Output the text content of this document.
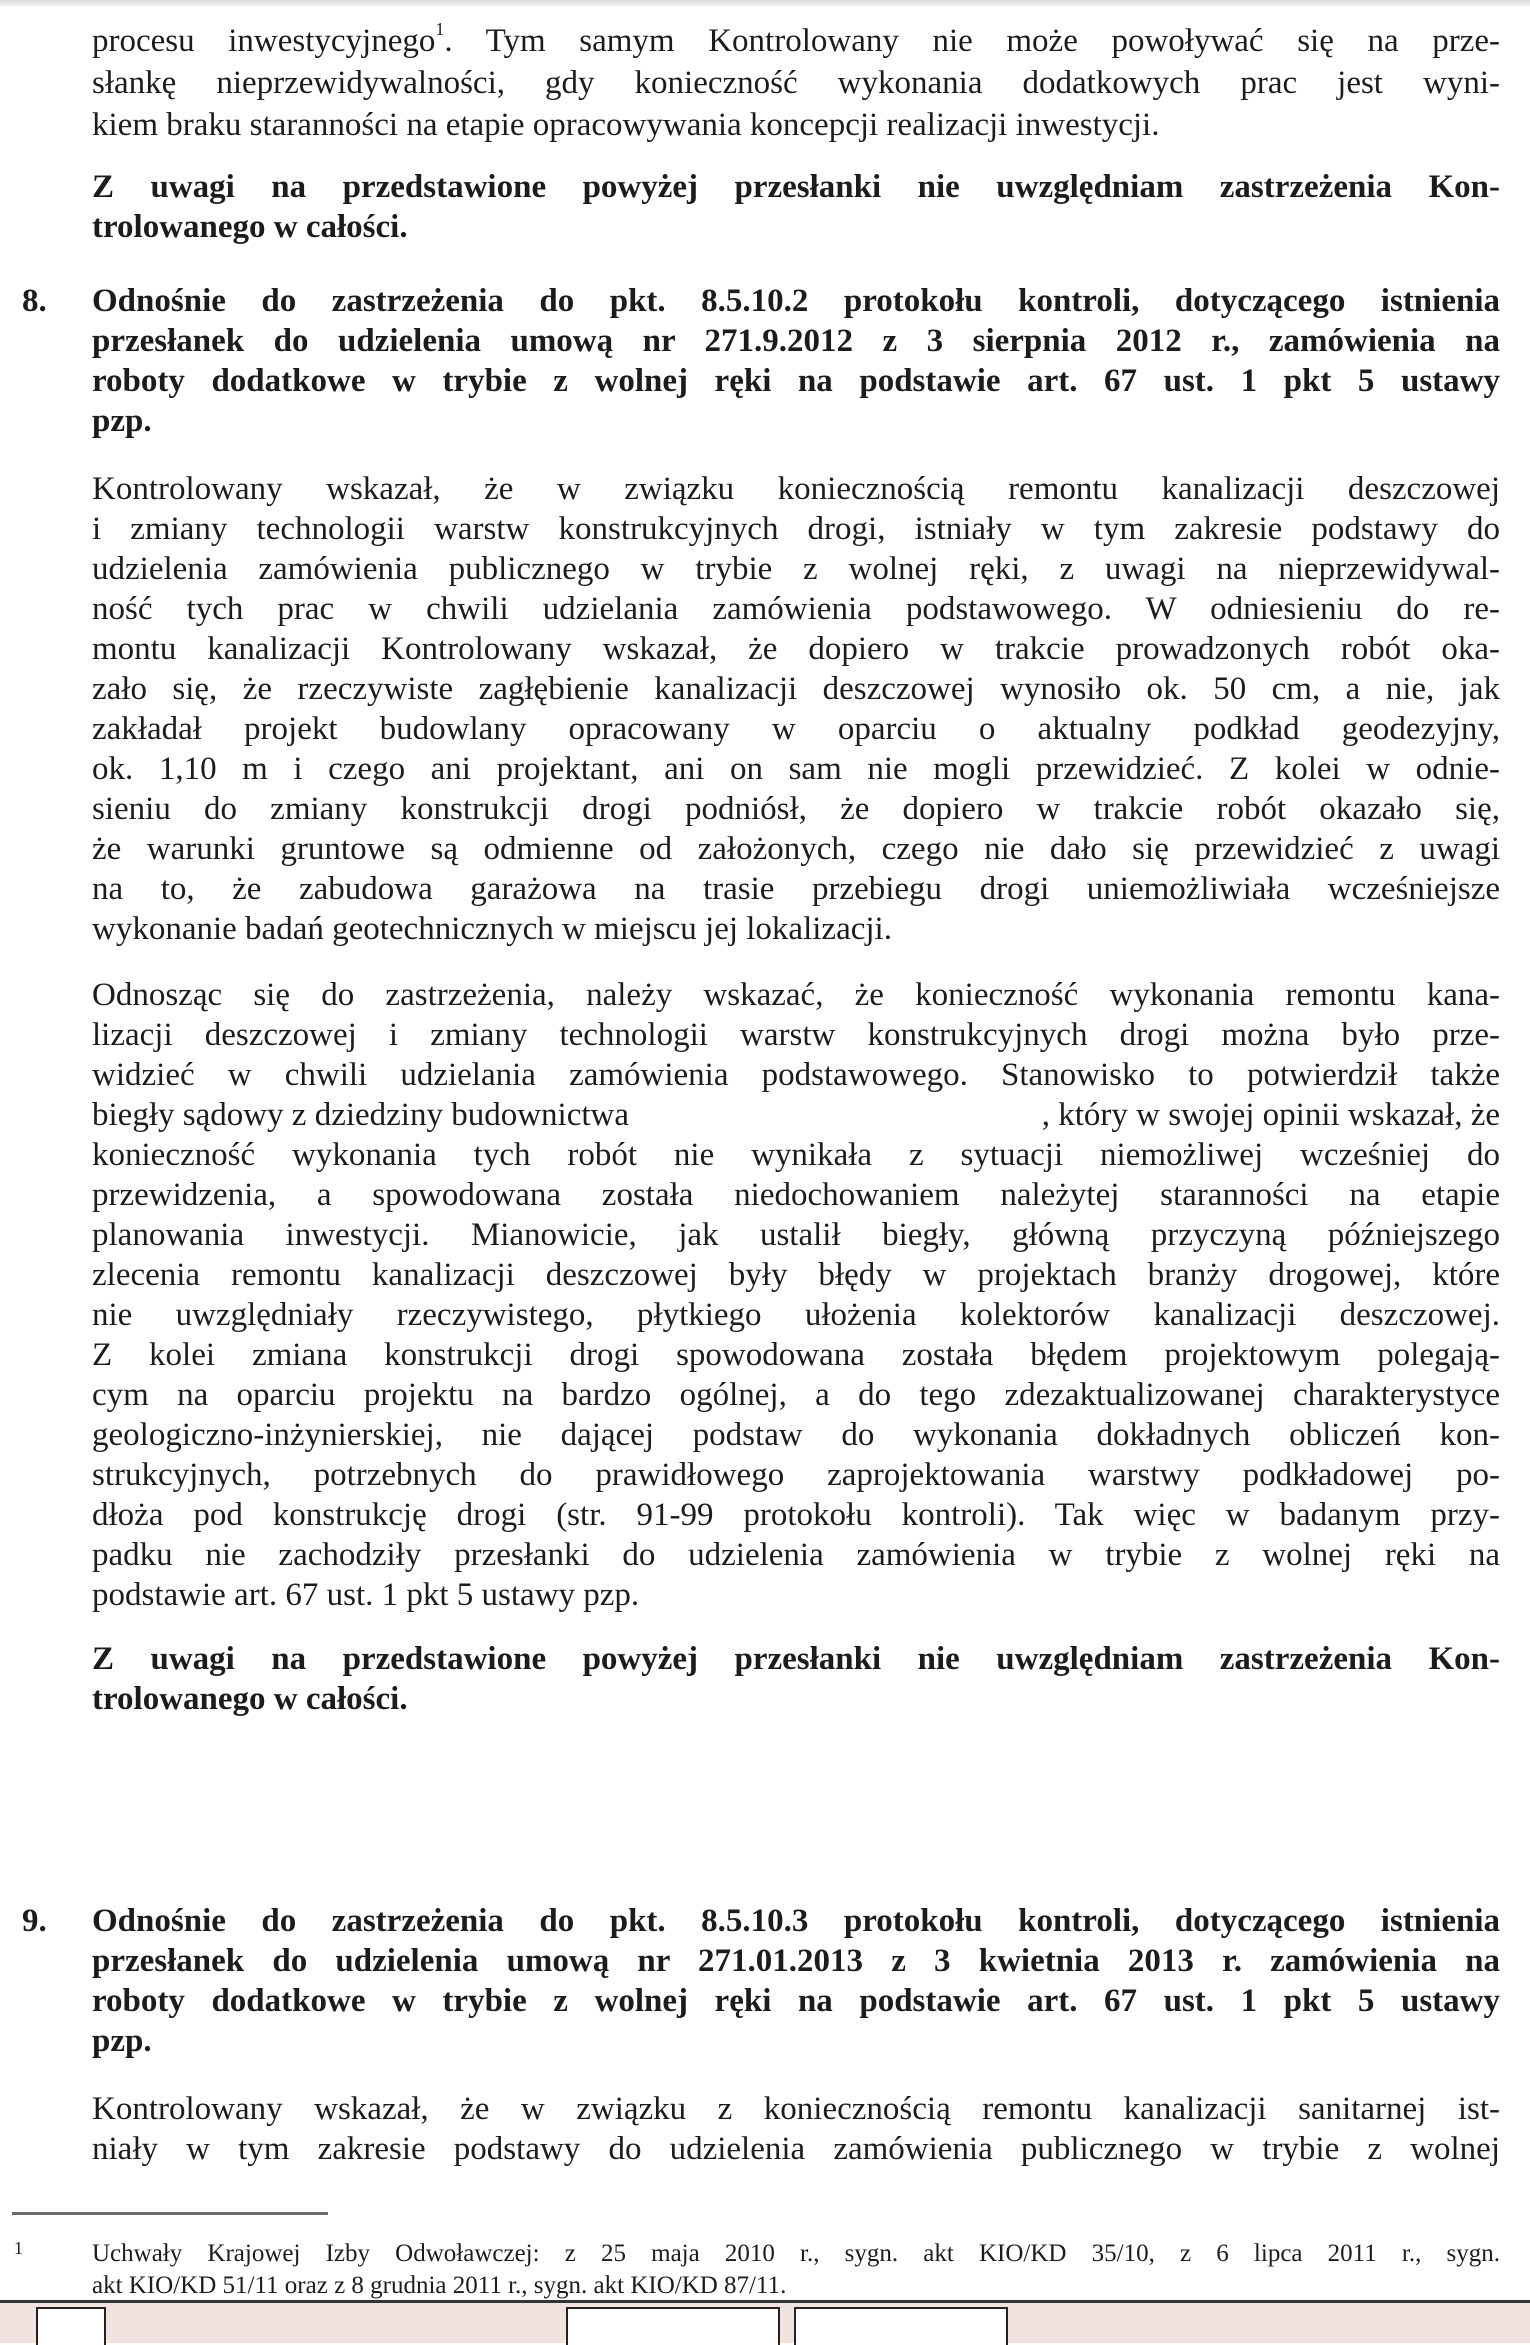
procesu inwestycyjnego$^1$. Tym samym Kontrolowany nie może powoływać się na prze-
słankę nieprzewidywalności, gdy konieczność wykonania dodatkowych prac jest wyni-
kiem braku staranności na etapie opracowywania koncepcji realizacji inwestycji.
Z uwagi na przedstawione powyżej przesłanki nie uwzględniam zastrzeżenia Kon-
trolowanego w całości.
8. Odnośnie do zastrzeżenia do pkt. 8.5.10.2 protokołu kontroli, dotyczącego istnienia
przesłanek do udzielenia umową nr 271.9.2012 z 3 sierpnia 2012 r., zamówienia na
roboty dodatkowe w trybie z wolnej ręki na podstawie art. 67 ust. 1 pkt 5 ustawy
pzp.
Kontrolowany wskazał, że w związku koniecznością remontu kanalizacji deszczowej
i zmiany technologii warstw konstrukcyjnych drogi, istniały w tym zakresie podstawy do
udzielenia zamówienia publicznego w trybie z wolnej ręki, z uwagi na nieprzewidywal-
ność tych prac w chwili udzielania zamówienia podstawowego. W odniesieniu do re-
montu kanalizacji Kontrolowany wskazał, że dopiero w trakcie prowadzonych robót oka-
zało się, że rzeczywiste zagłębienie kanalizacji deszczowej wynosiło ok. 50 cm, a nie, jak
zakładał projekt budowlany opracowany w oparciu o aktualny podkład geodezyjny,
ok. 1,10 m i czego ani projektant, ani on sam nie mogli przewidzieć. Z kolei w odnie-
sieniu do zmiany konstrukcji drogi podniósł, że dopiero w trakcie robót okazało się,
że warunki gruntowe są odmienne od założonych, czego nie dało się przewidzieć z uwagi
na to, że zabudowa garażowa na trasie przebiegu drogi uniemożliwiała wcześniejsze
wykonanie badań geotechnicznych w miejscu jej lokalizacji.
Odnosząc się do zastrzeżenia, należy wskazać, że konieczność wykonania remontu kana-
lizacji deszczowej i zmiany technologii warstw konstrukcyjnych drogi można było prze-
widzieć w chwili udzielania zamówienia podstawowego. Stanowisko to potwierdził także
biegły sądowy z dziedziny budownictwa	, który w swojej opinii wskazał, że
konieczność wykonania tych robót nie wynikała z sytuacji niemożliwej wcześniej do
przewidzenia, a spowodowana została niedochowaniem należytej staranności na etapie
planowania inwestycji. Mianowicie, jak ustalił biegły, główną przyczyną późniejszego
zlecenia remontu kanalizacji deszczowej były błędy w projektach branży drogowej, które
nie uwzględniały rzeczywistego, płytkiego ułożenia kolektorów kanalizacji deszczowej.
Z kolei zmiana konstrukcji drogi spowodowana została błędem projektowym polegają-
cym na oparciu projektu na bardzo ogólnej, a do tego zdezaktualizowanej charakterystyce
geologiczno-inżynierskiej, nie dającej podstaw do wykonania dokładnych obliczeń kon-
strukcyjnych, potrzebnych do prawidłowego zaprojektowania warstwy podkładowej po-
dłoża pod konstrukcję drogi (str. 91-99 protokołu kontroli). Tak więc w badanym przy-
padku nie zachodziły przesłanki do udzielenia zamówienia w trybie z wolnej ręki na
podstawie art. 67 ust. 1 pkt 5 ustawy pzp.
Z uwagi na przedstawione powyżej przesłanki nie uwzględniam zastrzeżenia Kon-
trolowanego w całości.
9. Odnośnie do zastrzeżenia do pkt. 8.5.10.3 protokołu kontroli, dotyczącego istnienia
przesłanek do udzielenia umową nr 271.01.2013 z 3 kwietnia 2013 r. zamówienia na
roboty dodatkowe w trybie z wolnej ręki na podstawie art. 67 ust. 1 pkt 5 ustawy
pzp.
Kontrolowany wskazał, że w związku z koniecznością remontu kanalizacji sanitarnej ist-
niały w tym zakresie podstawy do udzielenia zamówienia publicznego w trybie z wolnej
1	Uchwały Krajowej Izby Odwoławczej: z 25 maja 2010 r., sygn. akt KIO/KD 35/10, z 6 lipca 2011 r., sygn.
akt KIO/KD 51/11 oraz z 8 grudnia 2011 r., sygn. akt KIO/KD 87/11.
